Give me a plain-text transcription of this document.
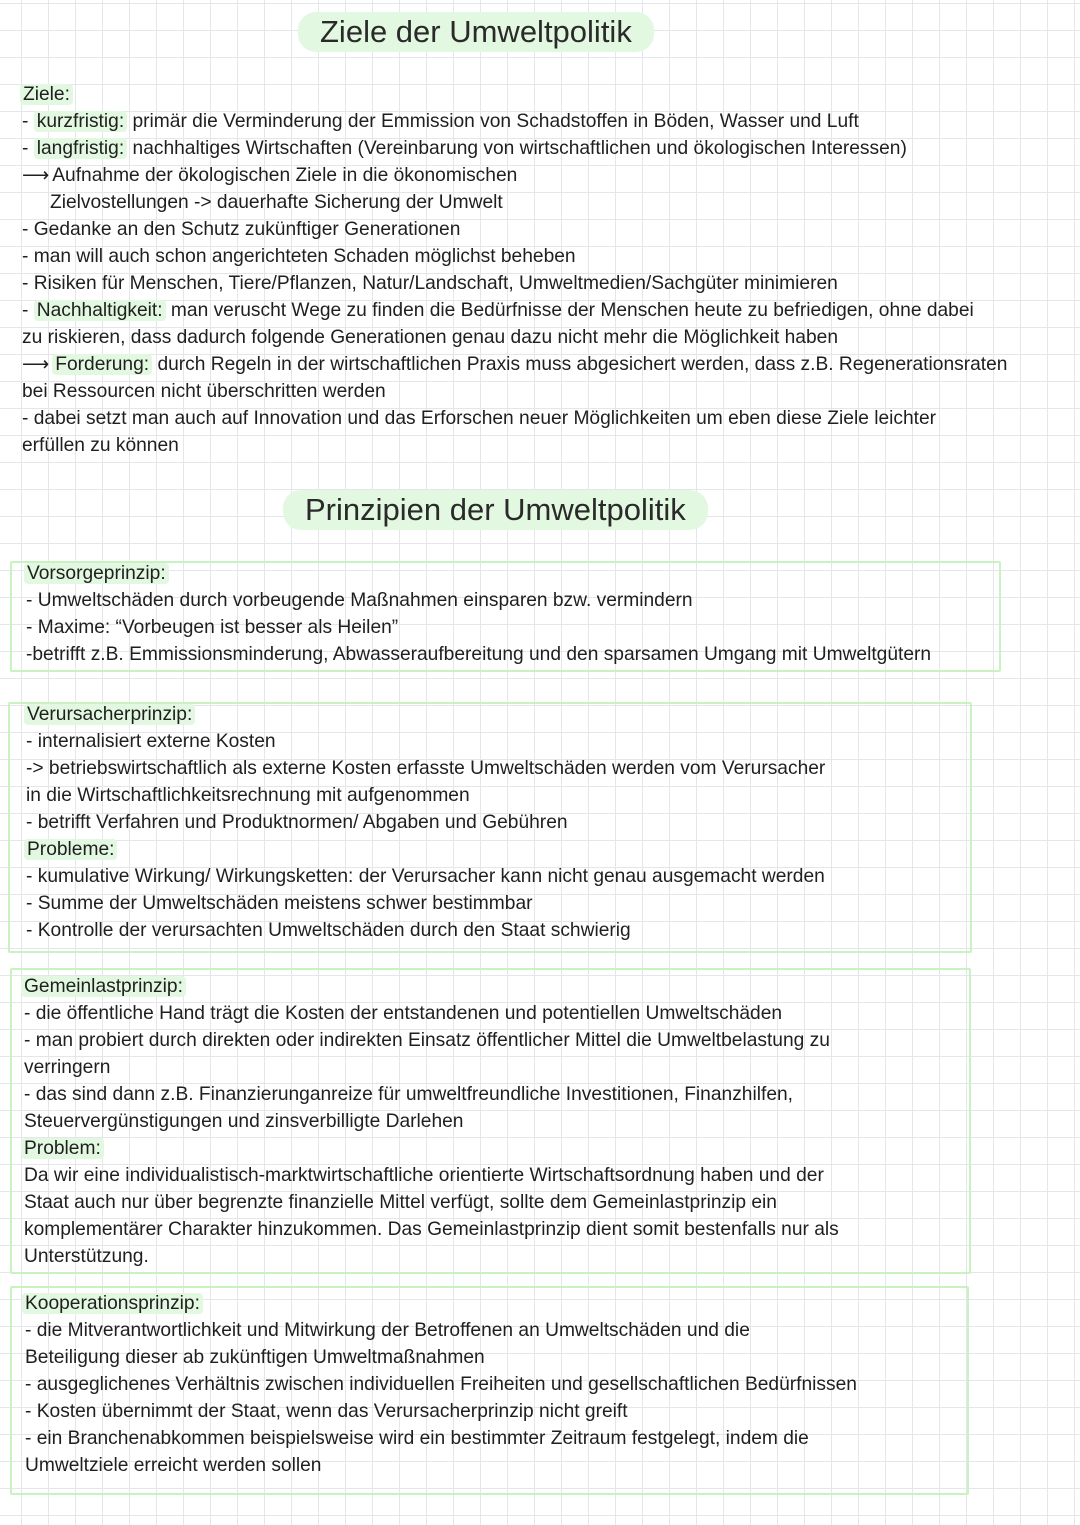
Ziele der Umweltpolitik
Ziele:
- kurzfristig: primär die Verminderung der Emmission von Schadstoffen in Böden, Wasser und Luft
- langfristig: nachhaltiges Wirtschaften (Vereinbarung von wirtschaftlichen und ökologischen Interessen)
⟶ Aufnahme der ökologischen Ziele in die ökonomischen
Zielvostellungen -> dauerhafte Sicherung der Umwelt
- Gedanke an den Schutz zukünftiger Generationen
- man will auch schon angerichteten Schaden möglichst beheben
- Risiken für Menschen, Tiere/Pflanzen, Natur/Landschaft, Umweltmedien/Sachgüter minimieren
- Nachhaltigkeit: man veruscht Wege zu finden die Bedürfnisse der Menschen heute zu befriedigen, ohne dabei
zu riskieren, dass dadurch folgende Generationen genau dazu nicht mehr die Möglichkeit haben
⟶ Forderung: durch Regeln in der wirtschaftlichen Praxis muss abgesichert werden, dass z.B. Regenerationsraten
bei Ressourcen nicht überschritten werden
- dabei setzt man auch auf Innovation und das Erforschen neuer Möglichkeiten um eben diese Ziele leichter
erfüllen zu können
Prinzipien der Umweltpolitik
Vorsorgeprinzip:
- Umweltschäden durch vorbeugende Maßnahmen einsparen bzw. vermindern
- Maxime: “Vorbeugen ist besser als Heilen”
-betrifft z.B. Emmissionsminderung, Abwasseraufbereitung und den sparsamen Umgang mit Umweltgütern
Verursacherprinzip:
- internalisiert externe Kosten
-> betriebswirtschaftlich als externe Kosten erfasste Umweltschäden werden vom Verursacher
in die Wirtschaftlichkeitsrechnung mit aufgenommen
- betrifft Verfahren und Produktnormen/ Abgaben und Gebühren
Probleme:
- kumulative Wirkung/ Wirkungsketten: der Verursacher kann nicht genau ausgemacht werden
- Summe der Umweltschäden meistens schwer bestimmbar
- Kontrolle der verursachten Umweltschäden durch den Staat schwierig
Gemeinlastprinzip:
- die öffentliche Hand trägt die Kosten der entstandenen und potentiellen Umweltschäden
- man probiert durch direkten oder indirekten Einsatz öffentlicher Mittel die Umweltbelastung zu
verringern
- das sind dann z.B. Finanzierunganreize für umweltfreundliche Investitionen, Finanzhilfen,
Steuervergünstigungen und zinsverbilligte Darlehen
Problem:
Da wir eine individualistisch-marktwirtschaftliche orientierte Wirtschaftsordnung haben und der
Staat auch nur über begrenzte finanzielle Mittel verfügt, sollte dem Gemeinlastprinzip ein
komplementärer Charakter hinzukommen. Das Gemeinlastprinzip dient somit bestenfalls nur als
Unterstützung.
Kooperationsprinzip:
- die Mitverantwortlichkeit und Mitwirkung der Betroffenen an Umweltschäden und die
Beteiligung dieser ab zukünftigen Umweltmaßnahmen
- ausgeglichenes Verhältnis zwischen individuellen Freiheiten und gesellschaftlichen Bedürfnissen
- Kosten übernimmt der Staat, wenn das Verursacherprinzip nicht greift
- ein Branchenabkommen beispielsweise wird ein bestimmter Zeitraum festgelegt, indem die
Umweltziele erreicht werden sollen
